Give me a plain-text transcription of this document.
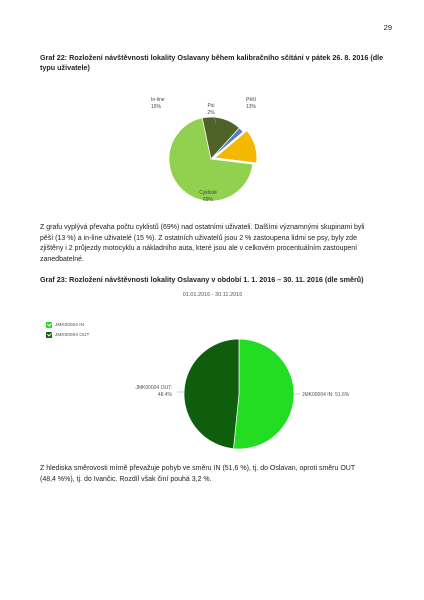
29
Graf 22: Rozložení návštěvnosti lokality Oslavany během kalibračního sčítání v pátek 26. 8. 2016 (dle
typu uživatele)
Psi
2%
Pěší
13%
In-line
15%
Cyklisté
69%
Z grafu vyplývá převaha počtu cyklistů (69%) nad ostatními uživateli. Dalšími významnými skupinami byli
pěší (13 %) a in-line uživatelé (15 %). Z ostatních uživatelů jsou 2 % zastoupena lidmi se psy, byly zde
zjištěny i 2 průjezdy motocyklu a nákladního auta, které jsou ale v celkovém procentuálním zastoupení
zanedbatelné.
Graf 23: Rozložení návštěvnosti lokality Oslavany v období 1. 1. 2016 – 30. 11. 2016 (dle směrů)
01.01.2016 - 30.11.2016
JMK00004 IN
JMK00004 OUT
JMK00004 OUT:
48.4%	JMK00004 IN: 51.6%
Z hlediska směrovosti mírně převažuje pohyb ve směru IN (51,6 %), tj. do Oslavan, oproti směru OUT
(48,4 %%), tj. do Ivančic. Rozdíl však činí pouhá 3,2 %.
